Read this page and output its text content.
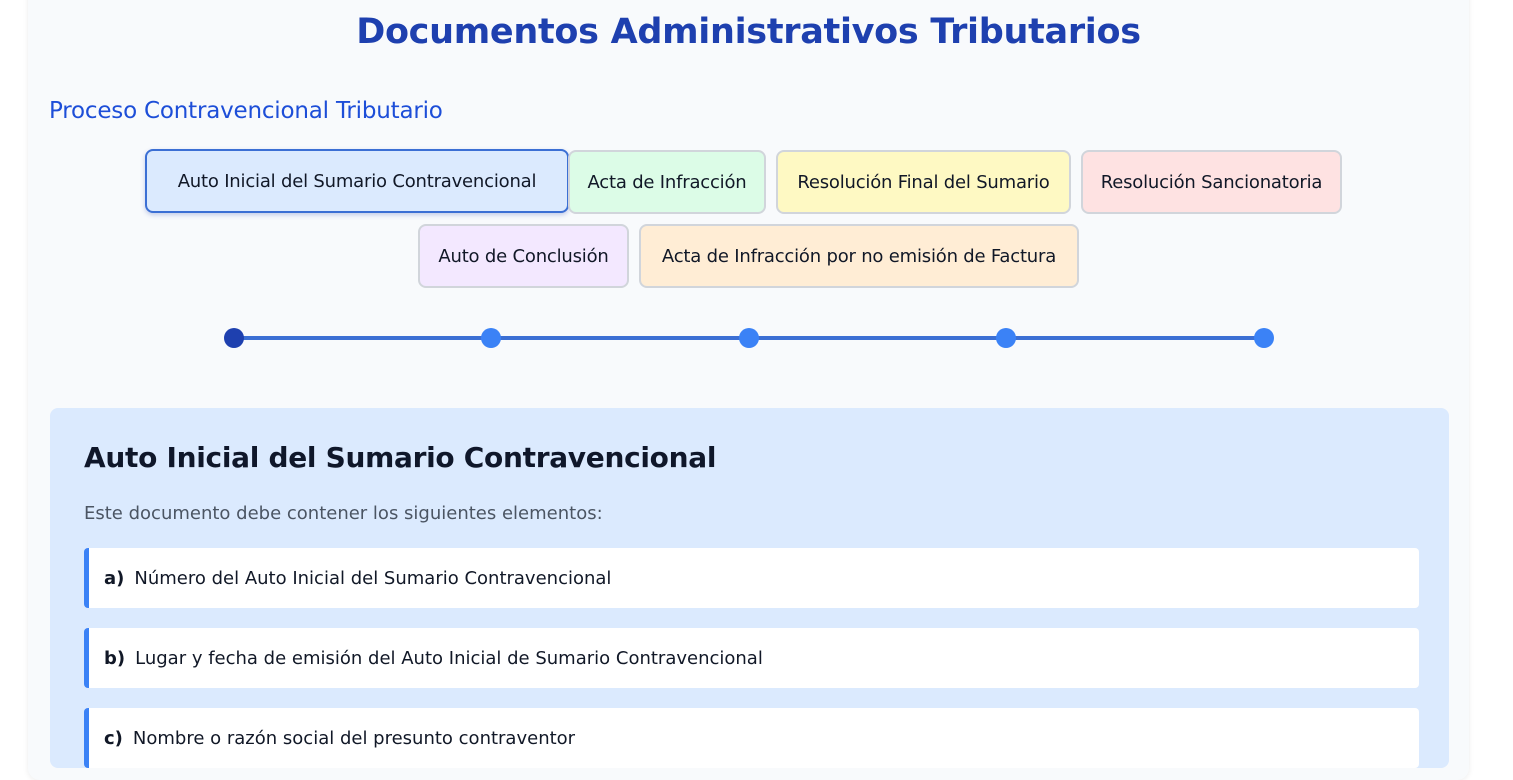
Documentos Administrativos Tributarios
Proceso Contravencional Tributario
Auto Inicial del Sumario Contravencional	Acta de Infracción	Resolución Final del Sumario	Resolución Sancionatoria
Auto de Conclusión	Acta de Infracción por no emisión de Factura
Auto Inicial del Sumario Contravencional

Este documento debe contener los siguientes elementos:

a) Número del Auto Inicial del Sumario Contravencional
b) Lugar y fecha de emisión del Auto Inicial de Sumario Contravencional
c) Nombre o razón social del presunto contraventor
